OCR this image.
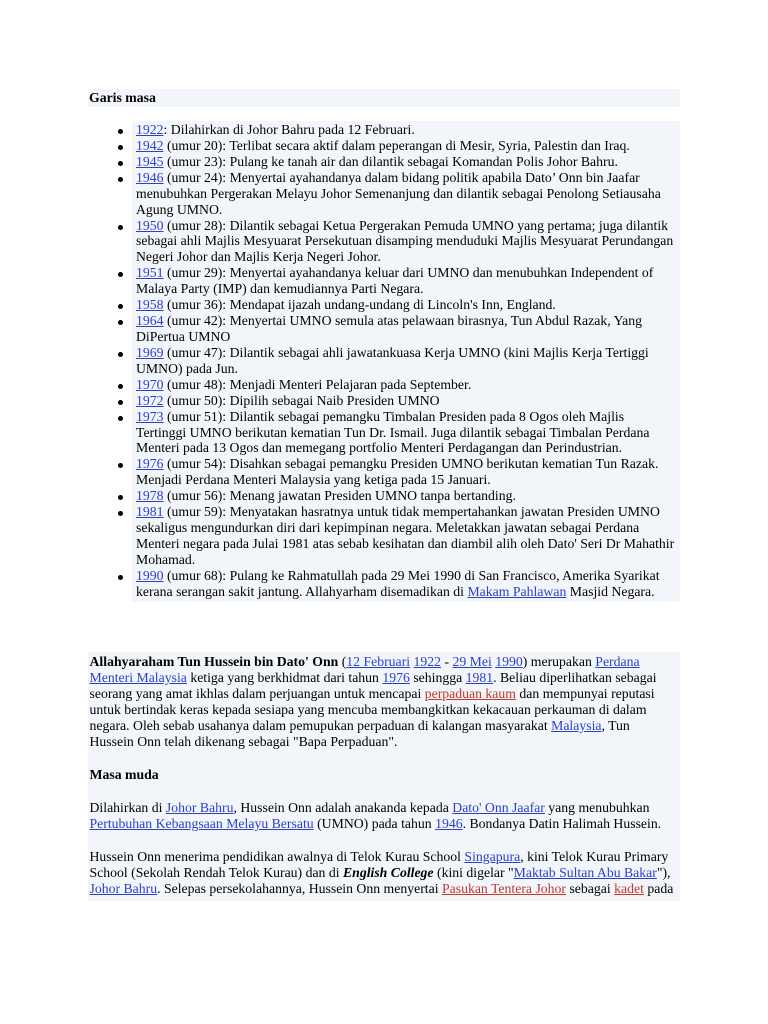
Garis masa
1922: Dilahirkan di Johor Bahru pada 12 Februari.
1942 (umur 20): Terlibat secara aktif dalam peperangan di Mesir, Syria, Palestin dan Iraq.
1945 (umur 23): Pulang ke tanah air dan dilantik sebagai Komandan Polis Johor Bahru.
1946 (umur 24): Menyertai ayahandanya dalam bidang politik apabila Dato’ Onn bin Jaafar
menubuhkan Pergerakan Melayu Johor Semenanjung dan dilantik sebagai Penolong Setiausaha
Agung UMNO.
1950 (umur 28): Dilantik sebagai Ketua Pergerakan Pemuda UMNO yang pertama; juga dilantik
sebagai ahli Majlis Mesyuarat Persekutuan disamping menduduki Majlis Mesyuarat Perundangan
Negeri Johor dan Majlis Kerja Negeri Johor.
1951 (umur 29): Menyertai ayahandanya keluar dari UMNO dan menubuhkan Independent of
Malaya Party (IMP) dan kemudiannya Parti Negara.
1958 (umur 36): Mendapat ijazah undang-undang di Lincoln's Inn, England.
1964 (umur 42): Menyertai UMNO semula atas pelawaan birasnya, Tun Abdul Razak, Yang
DiPertua UMNO
1969 (umur 47): Dilantik sebagai ahli jawatankuasa Kerja UMNO (kini Majlis Kerja Tertiggi
UMNO) pada Jun.
1970 (umur 48): Menjadi Menteri Pelajaran pada September.
1972 (umur 50): Dipilih sebagai Naib Presiden UMNO
1973 (umur 51): Dilantik sebagai pemangku Timbalan Presiden pada 8 Ogos oleh Majlis
Tertinggi UMNO berikutan kematian Tun Dr. Ismail. Juga dilantik sebagai Timbalan Perdana
Menteri pada 13 Ogos dan memegang portfolio Menteri Perdagangan dan Perindustrian.
1976 (umur 54): Disahkan sebagai pemangku Presiden UMNO berikutan kematian Tun Razak.
Menjadi Perdana Menteri Malaysia yang ketiga pada 15 Januari.
1978 (umur 56): Menang jawatan Presiden UMNO tanpa bertanding.
1981 (umur 59): Menyatakan hasratnya untuk tidak mempertahankan jawatan Presiden UMNO
sekaligus mengundurkan diri dari kepimpinan negara. Meletakkan jawatan sebagai Perdana
Menteri negara pada Julai 1981 atas sebab kesihatan dan diambil alih oleh Dato' Seri Dr Mahathir
Mohamad.
1990 (umur 68): Pulang ke Rahmatullah pada 29 Mei 1990 di San Francisco, Amerika Syarikat
kerana serangan sakit jantung. Allahyarham disemadikan di Makam Pahlawan Masjid Negara.

Allahyaraham Tun Hussein bin Dato' Onn (12 Februari 1922 - 29 Mei 1990) merupakan Perdana
Menteri Malaysia ketiga yang berkhidmat dari tahun 1976 sehingga 1981. Beliau diperlihatkan sebagai
seorang yang amat ikhlas dalam perjuangan untuk mencapai perpaduan kaum dan mempunyai reputasi
untuk bertindak keras kepada sesiapa yang mencuba membangkitkan kekacauan perkauman di dalam
negara. Oleh sebab usahanya dalam pemupukan perpaduan di kalangan masyarakat Malaysia, Tun
Hussein Onn telah dikenang sebagai "Bapa Perpaduan".

Masa muda

Dilahirkan di Johor Bahru, Hussein Onn adalah anakanda kepada Dato' Onn Jaafar yang menubuhkan
Pertubuhan Kebangsaan Melayu Bersatu (UMNO) pada tahun 1946. Bondanya Datin Halimah Hussein.

Hussein Onn menerima pendidikan awalnya di Telok Kurau School Singapura, kini Telok Kurau Primary
School (Sekolah Rendah Telok Kurau) dan di English College (kini digelar "Maktab Sultan Abu Bakar"),
Johor Bahru. Selepas persekolahannya, Hussein Onn menyertai Pasukan Tentera Johor sebagai kadet pada
